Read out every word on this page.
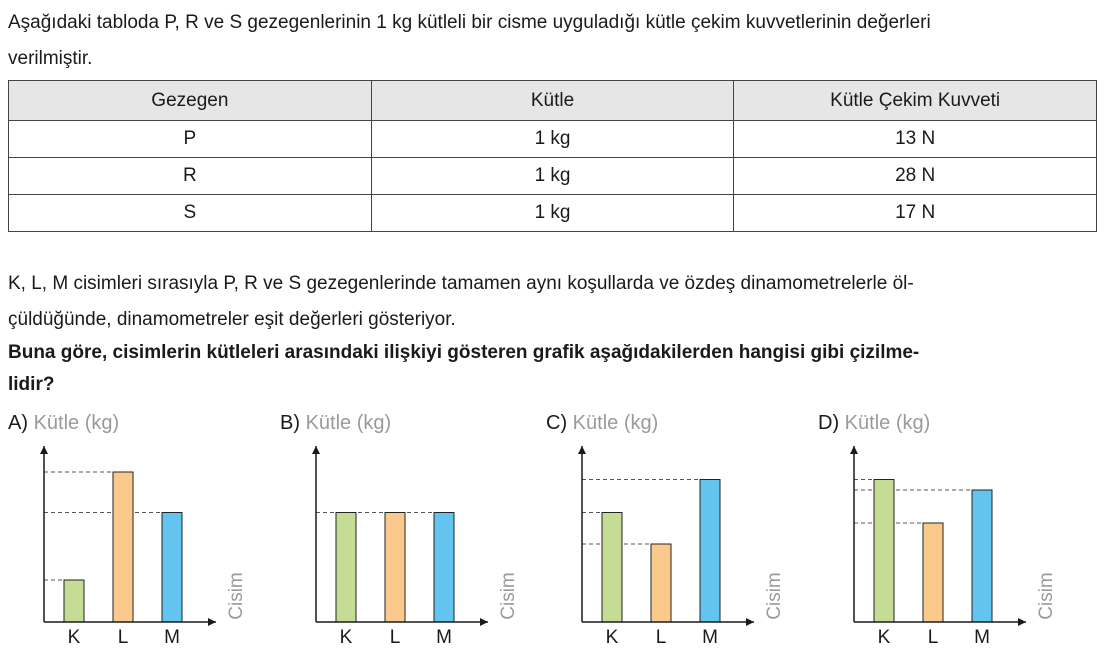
Aşağıdaki tabloda P, R ve S gezegenlerinin 1 kg kütleli bir cisme uyguladığı kütle çekim kuvvetlerinin değerleri
verilmiştir.
Gezegen	Kütle	Kütle Çekim Kuvveti
P	1 kg	13 N
R	1 kg	28 N
S	1 kg	17 N
K, L, M cisimleri sırasıyla P, R ve S gezegenlerinde tamamen aynı koşullarda ve özdeş dinamometrelerle öl-
çüldüğünde, dinamometreler eşit değerleri gösteriyor.
Buna göre, cisimlerin kütleleri arasındaki ilişkiyi gösteren grafik aşağıdakilerden hangisi gibi çizilme-
lidir?
A) Kütle (kg)	B) Kütle (kg)	C) Kütle (kg)	D) Kütle (kg)
K L M
Cisim
K L M
Cisim
K L M
Cisim
K L M
Cisim
